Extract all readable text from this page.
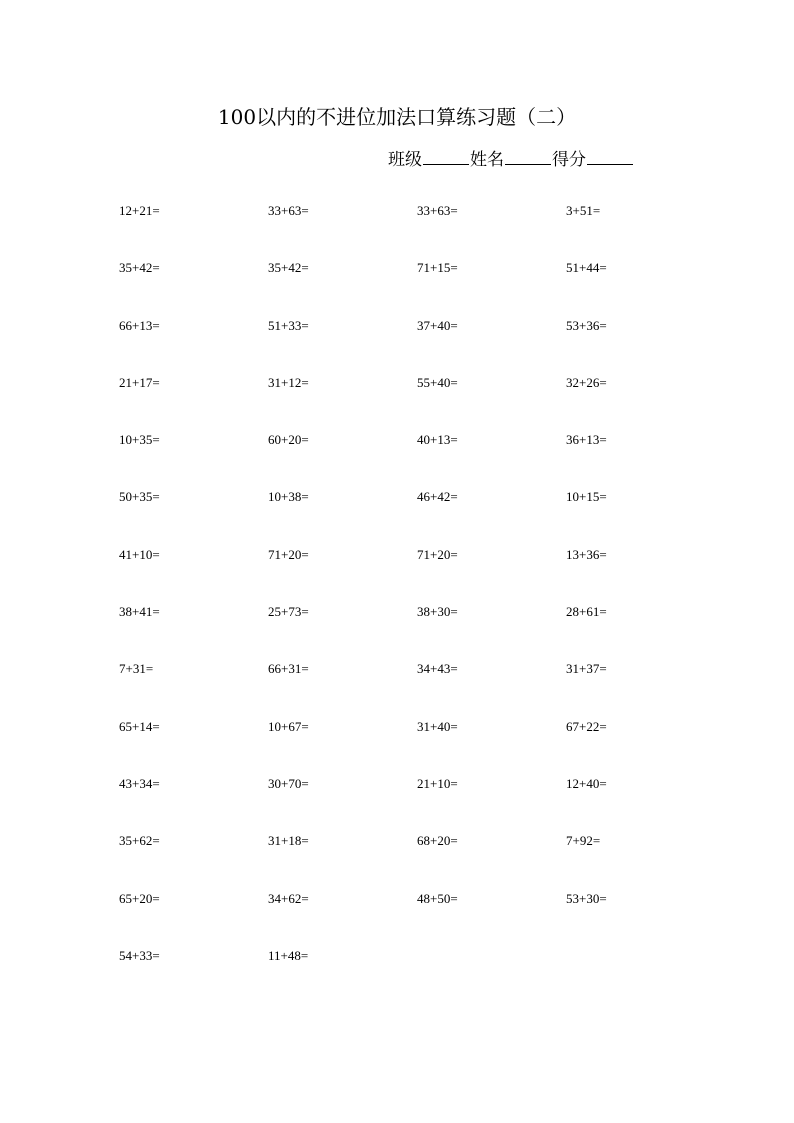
100以内的不进位加法口算练习题（二）
班级	姓名	得分
12+21=	33+63=	33+63=	3+51=
35+42=	35+42=	71+15=	51+44=
66+13=	51+33=	37+40=	53+36=
21+17=	31+12=	55+40=	32+26=
10+35=	60+20=	40+13=	36+13=
50+35=	10+38=	46+42=	10+15=
41+10=	71+20=	71+20=	13+36=
38+41=	25+73=	38+30=	28+61=
7+31=	66+31=	34+43=	31+37=
65+14=	10+67=	31+40=	67+22=
43+34=	30+70=	21+10=	12+40=
35+62=	31+18=	68+20=	7+92=
65+20=	34+62=	48+50=	53+30=
54+33=	11+48=
